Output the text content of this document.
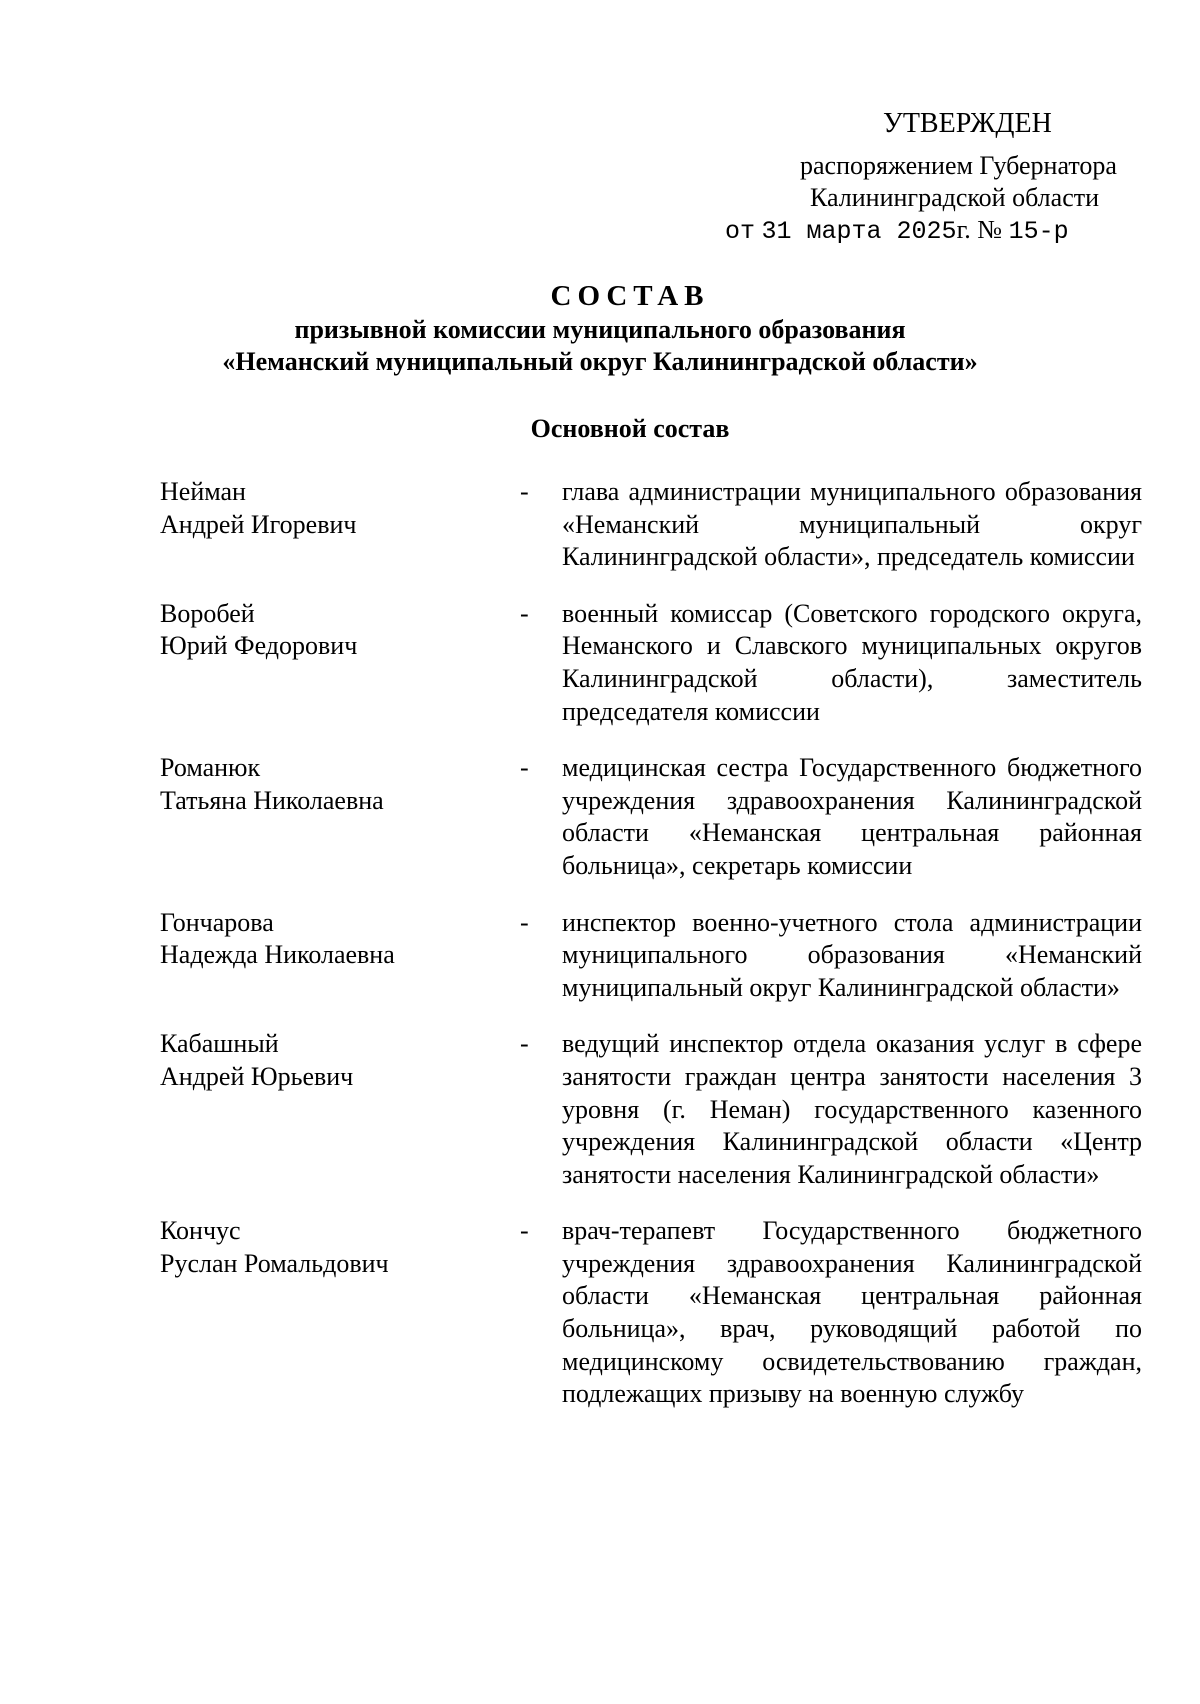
УТВЕРЖДЕН
распоряжением Губернатора
Калининградской области
от 31 марта 2025г. № 15-р
СОСТАВ
призывной комиссии муниципального образования
«Неманский муниципальный округ Калининградской области»
Основной состав
Нейман
Андрей Игоревич
-	глава администрации муниципального образования «Неманский муниципальный округ Калининградской области», председатель комиссии
Воробей
Юрий Федорович
-	военный комиссар (Советского городского округа, Неманского и Славского муниципальных округов Калининградской области), заместитель председателя комиссии
Романюк
Татьяна Николаевна
-	медицинская сестра Государственного бюджетного учреждения здравоохранения Калининградской области «Неманская центральная районная больница», секретарь комиссии
Гончарова
Надежда Николаевна
-	инспектор военно-учетного стола администрации муниципального образования «Неманский муниципальный округ Калининградской области»
Кабашный
Андрей Юрьевич
-	ведущий инспектор отдела оказания услуг в сфере занятости граждан центра занятости населения 3 уровня (г. Неман) государственного казенного учреждения Калининградской области «Центр занятости населения Калининградской области»
Кончус
Руслан Ромальдович
-	врач-терапевт Государственного бюджетного учреждения здравоохранения Калининградской области «Неманская центральная районная больница», врач, руководящий работой по медицинскому освидетельствованию граждан, подлежащих призыву на военную службу
